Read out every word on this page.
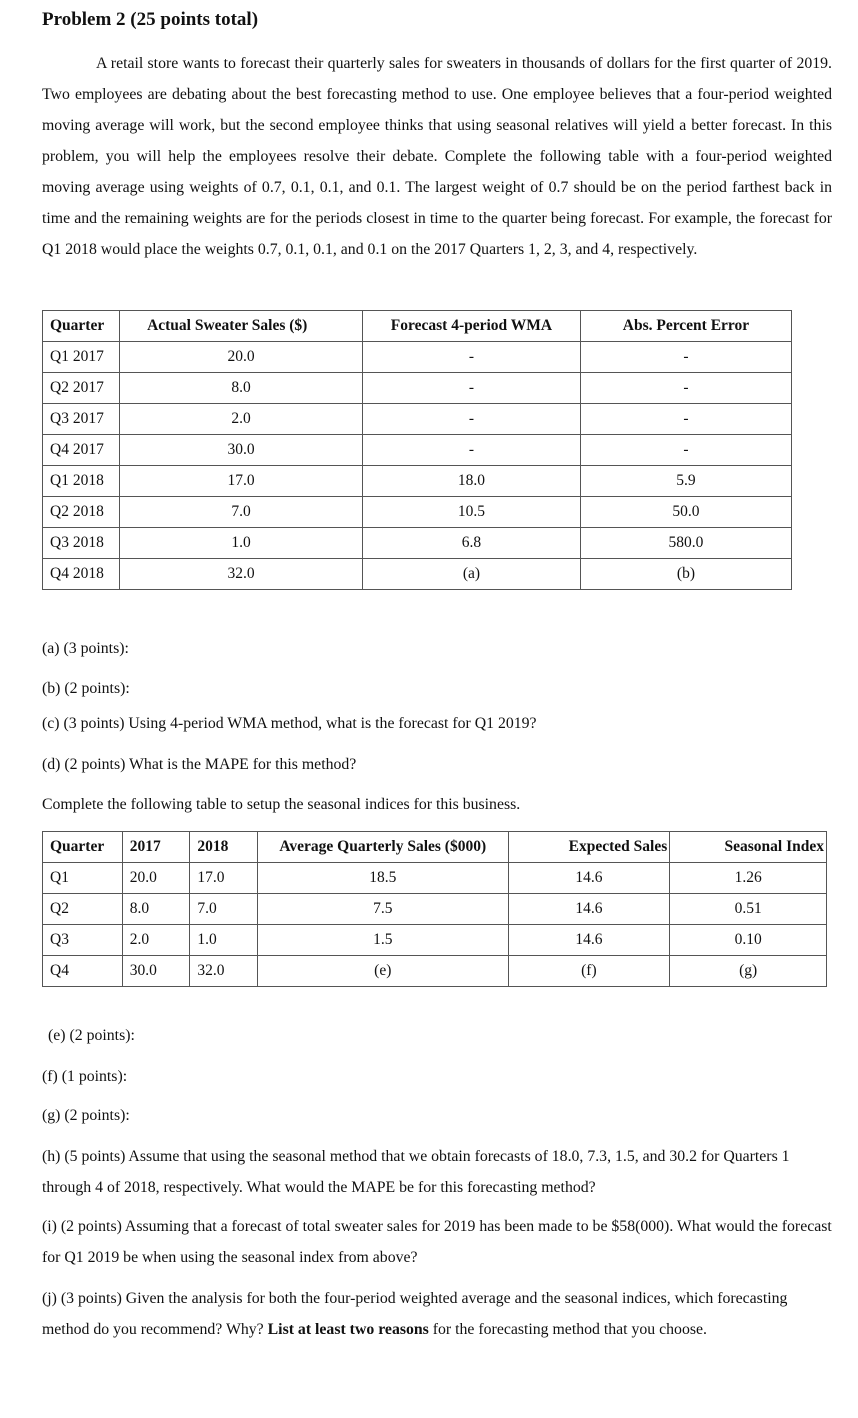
Problem 2 (25 points total)
A retail store wants to forecast their quarterly sales for sweaters in thousands of dollars for the first quarter of 2019. Two employees are debating about the best forecasting method to use. One employee believes that a four-period weighted moving average will work, but the second employee thinks that using seasonal relatives will yield a better forecast. In this problem, you will help the employees resolve their debate. Complete the following table with a four-period weighted moving average using weights of 0.7, 0.1, 0.1, and 0.1. The largest weight of 0.7 should be on the period farthest back in time and the remaining weights are for the periods closest in time to the quarter being forecast. For example, the forecast for Q1 2018 would place the weights 0.7, 0.1, 0.1, and 0.1 on the 2017 Quarters 1, 2, 3, and 4, respectively.
Quarter	Actual Sweater Sales ($)	Forecast 4-period WMA	Abs. Percent Error
Q1 2017	20.0	-	-
Q2 2017	8.0	-	-
Q3 2017	2.0	-	-
Q4 2017	30.0	-	-
Q1 2018	17.0	18.0	5.9
Q2 2018	7.0	10.5	50.0
Q3 2018	1.0	6.8	580.0
Q4 2018	32.0	(a)	(b)
(a) (3 points):
(b) (2 points):
(c) (3 points) Using 4-period WMA method, what is the forecast for Q1 2019?
(d) (2 points) What is the MAPE for this method?
Complete the following table to setup the seasonal indices for this business.
Quarter	2017	2018	Average Quarterly Sales ($000)	Expected Sales	Seasonal Index
Q1	20.0	17.0	18.5	14.6	1.26
Q2	8.0	7.0	7.5	14.6	0.51
Q3	2.0	1.0	1.5	14.6	0.10
Q4	30.0	32.0	(e)	(f)	(g)
(e) (2 points):
(f) (1 points):
(g) (2 points):
(h) (5 points) Assume that using the seasonal method that we obtain forecasts of 18.0, 7.3, 1.5, and 30.2 for Quarters 1 through 4 of 2018, respectively. What would the MAPE be for this forecasting method?
(i) (2 points) Assuming that a forecast of total sweater sales for 2019 has been made to be $58(000). What would the forecast for Q1 2019 be when using the seasonal index from above?
(j) (3 points) Given the analysis for both the four-period weighted average and the seasonal indices, which forecasting method do you recommend? Why? List at least two reasons for the forecasting method that you choose.
